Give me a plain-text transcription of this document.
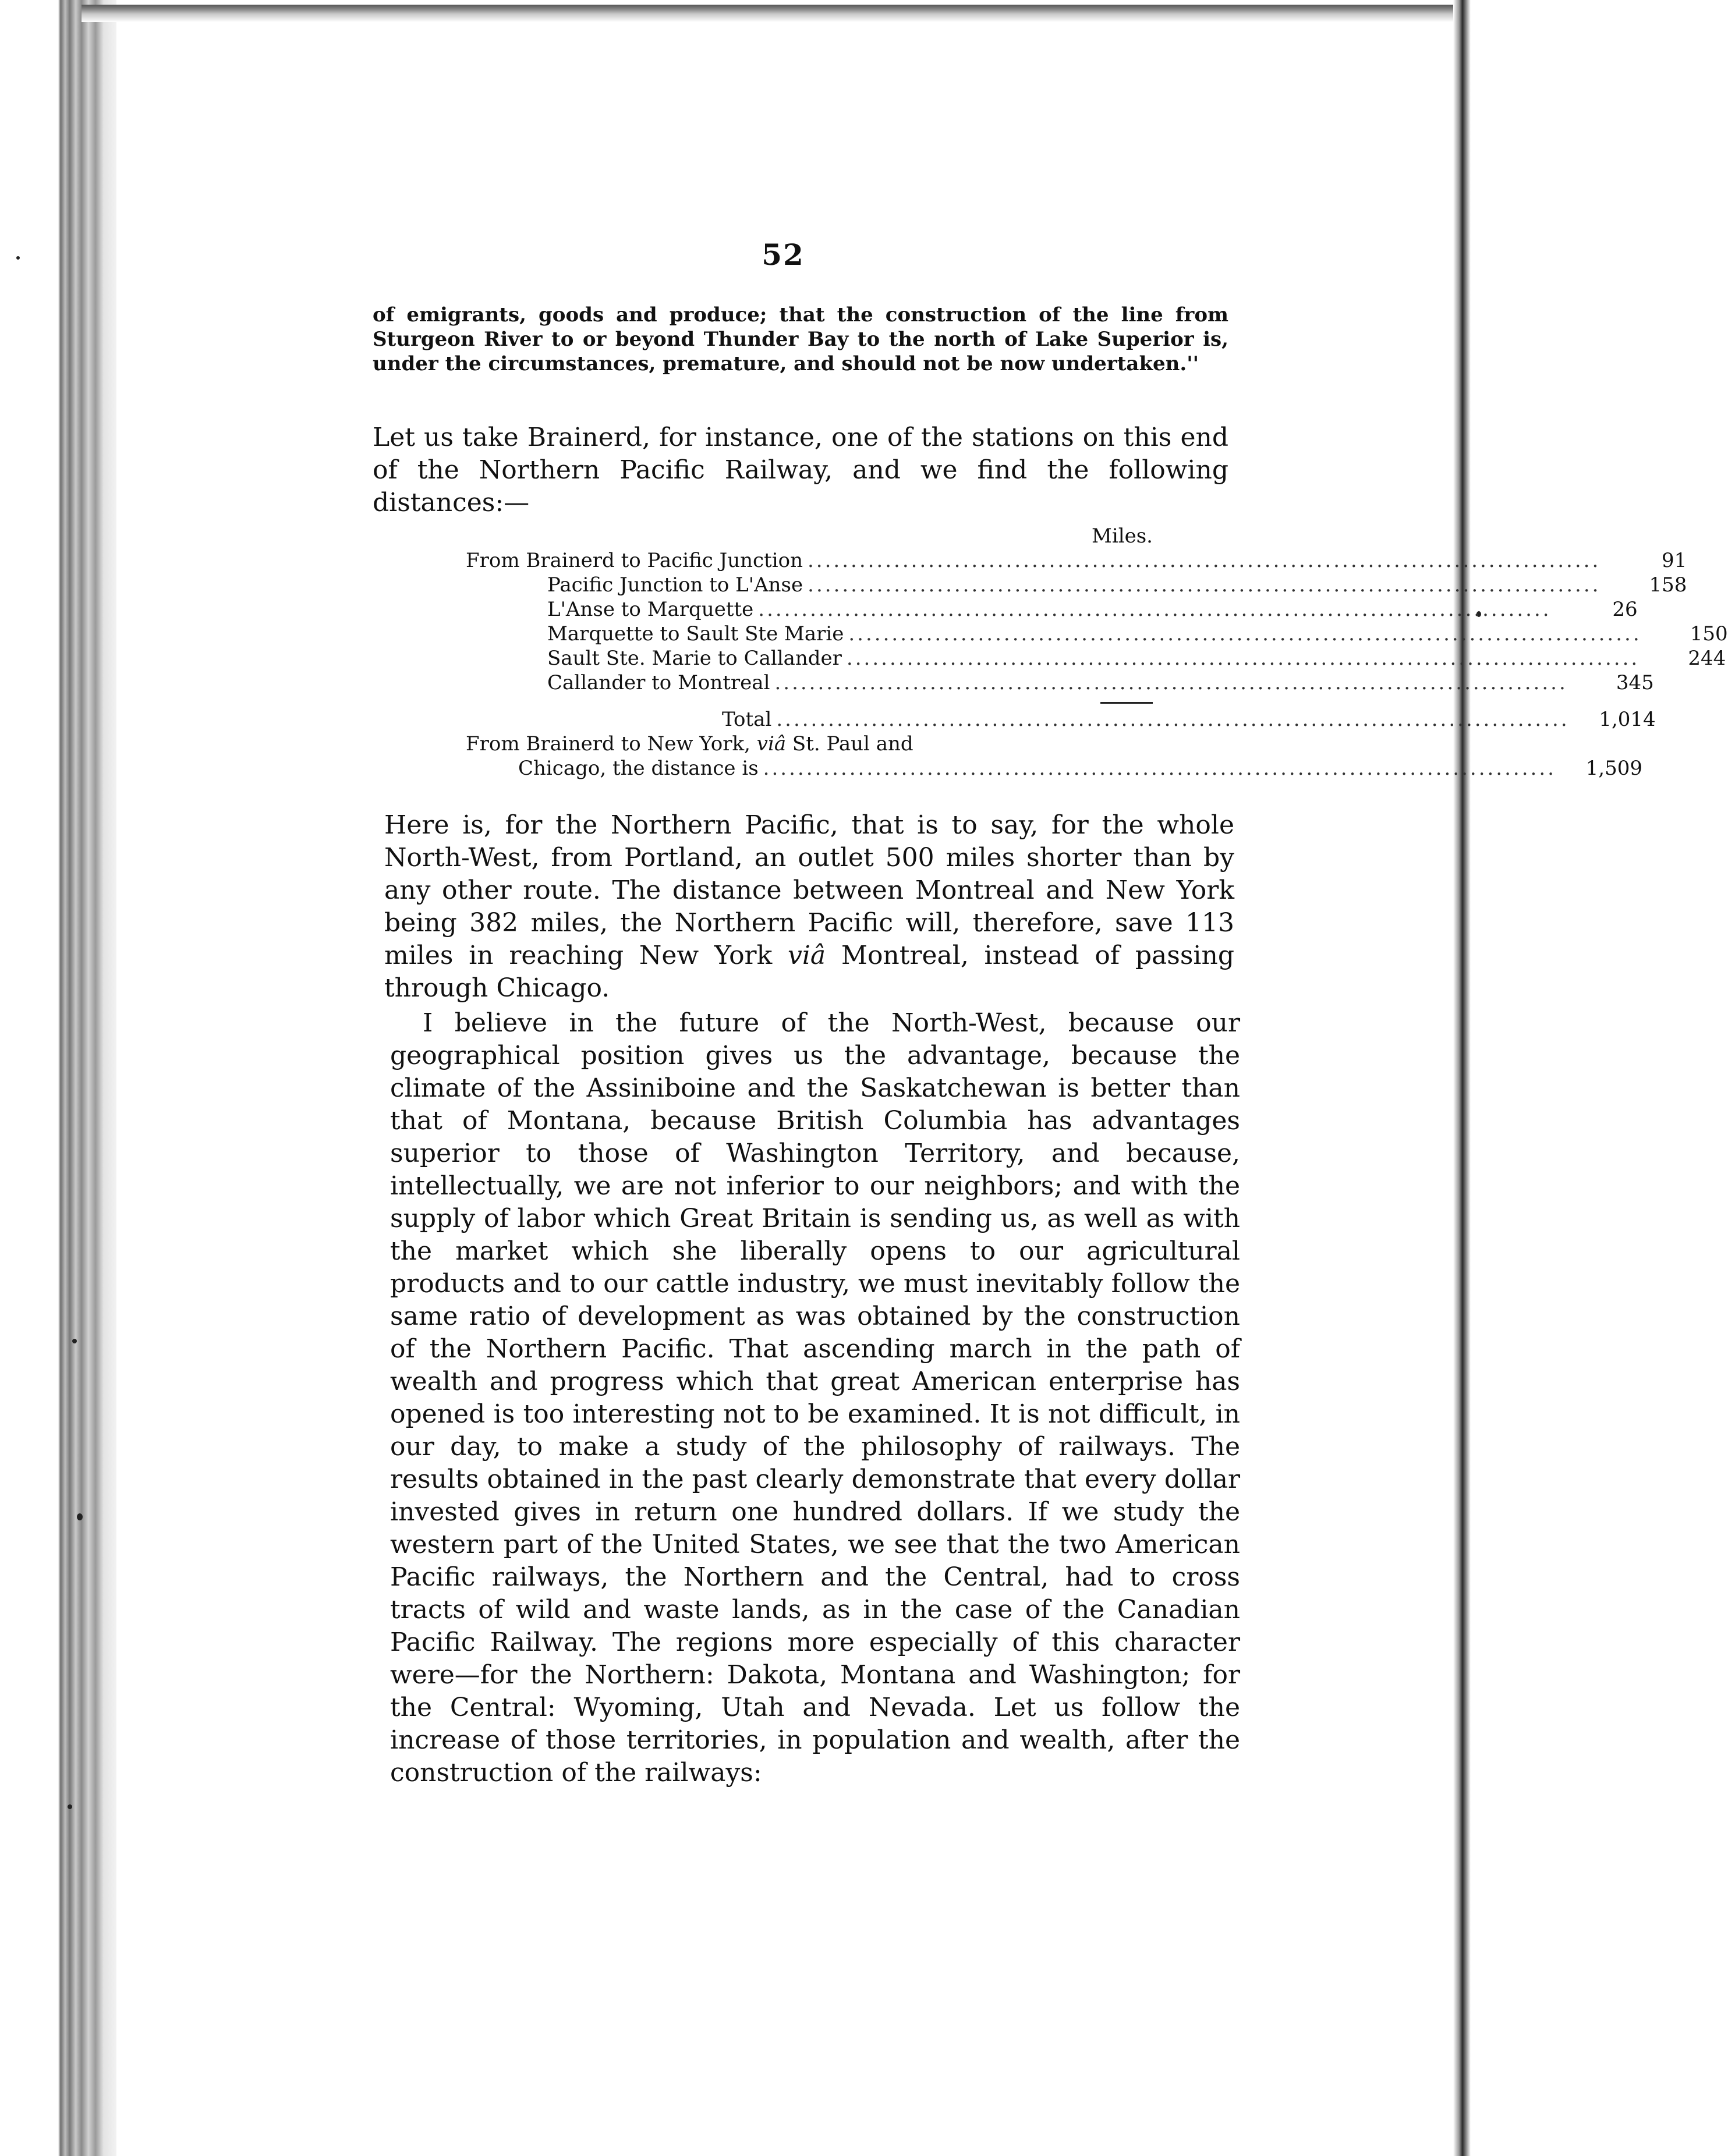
52

of emigrants, goods and produce; that the construction of the line from Sturgeon River to or beyond Thunder Bay to the north of Lake Superior is, under the circumstances, premature, and should not be now undertaken.''

Let us take Brainerd, for instance, one of the stations on this end of the Northern Pacific Railway, and we find the following distances:—

Miles.
From Brainerd to Pacific Junction ............................................................................................	91
Pacific Junction to L'Anse ............................................................................................	158
L'Anse to Marquette ............................................................................................	26
Marquette to Sault Ste Marie ............................................................................................	150
Sault Ste. Marie to Callander ............................................................................................	244
Callander to Montreal ............................................................................................	345
Total ............................................................................................	1,014
From Brainerd to New York, viâ St. Paul and
Chicago, the distance is ............................................................................................	1,509

Here is, for the Northern Pacific, that is to say, for the whole North-West, from Portland, an outlet 500 miles shorter than by any other route. The distance between Montreal and New York being 382 miles, the Northern Pacific will, therefore, save 113 miles in reaching New York viâ Montreal, instead of passing through Chicago.

I believe in the future of the North-West, because our geographical position gives us the advantage, because the climate of the Assiniboine and the Saskatchewan is better than that of Montana, because British Columbia has advantages superior to those of Washington Territory, and because, intellectually, we are not inferior to our neighbors; and with the supply of labor which Great Britain is sending us, as well as with the market which she liberally opens to our agricultural products and to our cattle industry, we must inevitably follow the same ratio of development as was obtained by the construction of the Northern Pacific. That ascending march in the path of wealth and progress which that great American enterprise has opened is too interesting not to be examined. It is not difficult, in our day, to make a study of the philosophy of railways. The results obtained in the past clearly demonstrate that every dollar invested gives in return one hundred dollars. If we study the western part of the United States, we see that the two American Pacific railways, the Northern and the Central, had to cross tracts of wild and waste lands, as in the case of the Canadian Pacific Railway. The regions more especially of this character were—for the Northern: Dakota, Montana and Washington; for the Central: Wyoming, Utah and Nevada. Let us follow the increase of those territories, in population and wealth, after the construction of the railways:
